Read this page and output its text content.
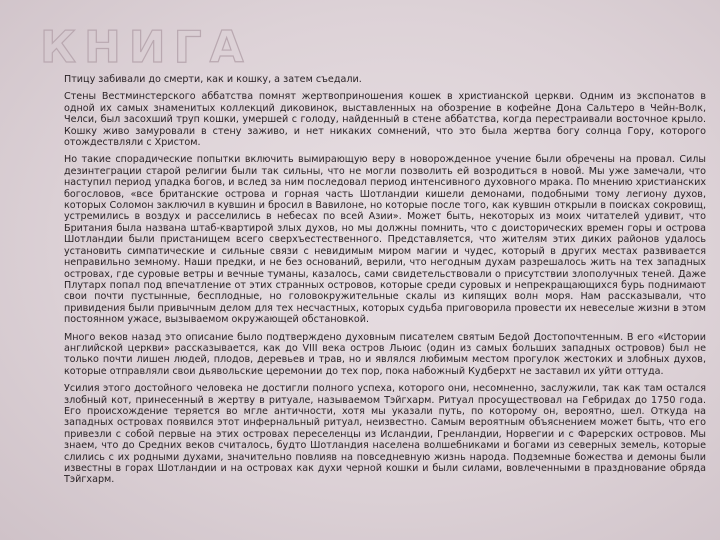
КНИГА
Птицу забивали до смерти, как и кошку, а затем съедали.
Стены Вестминстерского аббатства помнят жертвоприношения кошек в христианской церкви. Одним из экспонатов в одной их самых знаменитых коллекций диковинок, выставленных на обозрение в кофейне Дона Сальтеро в Чейн-Волк, Челси, был засохший труп кошки, умершей с голоду, найденный в стене аббатства, когда перестраивали восточное крыло. Кошку живо замуровали в стену заживо, и нет никаких сомнений, что это была жертва богу солнца Гору, которого отождествляли с Христом.
Но такие спорадические попытки включить вымирающую веру в новорожденное учение были обречены на провал. Силы дезинтеграции старой религии были так сильны, что не могли позволить ей возродиться в новой. Мы уже замечали, что наступил период упадка богов, и вслед за ним последовал период интенсивного духовного мрака. По мнению христианских богословов, «все британские острова и горная часть Шотландии кишели демонами, подобными тому легиону духов, которых Соломон заключил в кувшин и бросил в Вавилоне, но которые после того, как кувшин открыли в поисках сокровищ, устремились в воздух и расселились в небесах по всей Азии». Может быть, некоторых из моих читателей удивит, что Британия была названа штаб-квартирой злых духов, но мы должны помнить, что с доисторических времен горы и острова Шотландии были пристанищем всего сверхъестественного. Представляется, что жителям этих диких районов удалось установить симпатические и сильные связи с невидимым миром магии и чудес, который в других местах развивается неправильно земному. Наши предки, и не без оснований, верили, что негодным духам разрешалось жить на тех западных островах, где суровые ветры и вечные туманы, казалось, сами свидетельствовали о присутствии злополучных теней. Даже Плутарх попал под впечатление от этих странных островов, которые среди суровых и непрекращающихся бурь поднимают свои почти пустынные, бесплодные, но головокружительные скалы из кипящих волн моря. Нам рассказывали, что привидения были привычным делом для тех несчастных, которых судьба приговорила провести их невеселые жизни в этом постоянном ужасе, вызываемом окружающей обстановкой.
Много веков назад это описание было подтверждено духовным писателем святым Бедой Достопочтенным. В его «Истории английской церкви» рассказывается, как до VIII века остров Льюис (один из самых больших западных островов) был не только почти лишен людей, плодов, деревьев и трав, но и являлся любимым местом прогулок жестоких и злобных духов, которые отправляли свои дьявольские церемонии до тех пор, пока набожный Кудберхт не заставил их уйти оттуда.
Усилия этого достойного человека не достигли полного успеха, которого они, несомненно, заслужили, так как там остался злобный кот, принесенный в жертву в ритуале, называемом Тэйгхарм. Ритуал просуществовал на Гебридах до 1750 года. Его происхождение теряется во мгле античности, хотя мы указали путь, по которому он, вероятно, шел. Откуда на западных островах появился этот инфернальный ритуал, неизвестно. Самым вероятным объяснением может быть, что его привезли с собой первые на этих островах переселенцы из Исландии, Гренландии, Норвегии и с Фарерских островов. Мы знаем, что до Средних веков считалось, будто Шотландия населена волшебниками и богами из северных земель, которые слились с их родными духами, значительно повлияв на повседневную жизнь народа. Подземные божества и демоны были известны в горах Шотландии и на островах как духи черной кошки и были силами, вовлеченными в празднование обряда Тэйгхарм.
